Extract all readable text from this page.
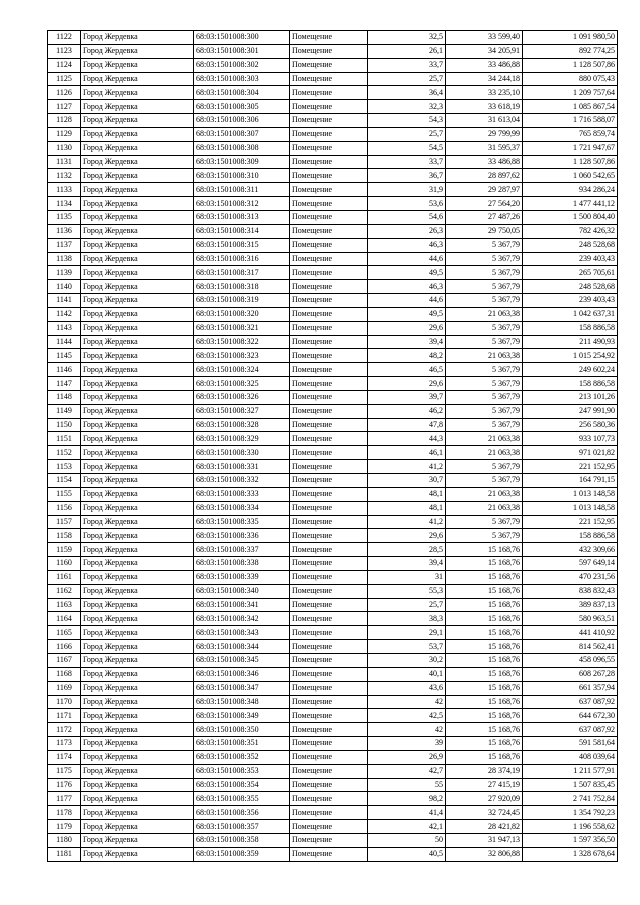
1122	Город Жердевка	68:03:1501008:300	Помещение	32,5	33 599,40	1 091 980,50
1123	Город Жердевка	68:03:1501008:301	Помещение	26,1	34 205,91	892 774,25
1124	Город Жердевка	68:03:1501008:302	Помещение	33,7	33 486,88	1 128 507,86
1125	Город Жердевка	68:03:1501008:303	Помещение	25,7	34 244,18	880 075,43
1126	Город Жердевка	68:03:1501008:304	Помещение	36,4	33 235,10	1 209 757,64
1127	Город Жердевка	68:03:1501008:305	Помещение	32,3	33 618,19	1 085 867,54
1128	Город Жердевка	68:03:1501008:306	Помещение	54,3	31 613,04	1 716 588,07
1129	Город Жердевка	68:03:1501008:307	Помещение	25,7	29 799,99	765 859,74
1130	Город Жердевка	68:03:1501008:308	Помещение	54,5	31 595,37	1 721 947,67
1131	Город Жердевка	68:03:1501008:309	Помещение	33,7	33 486,88	1 128 507,86
1132	Город Жердевка	68:03:1501008:310	Помещение	36,7	28 897,62	1 060 542,65
1133	Город Жердевка	68:03:1501008:311	Помещение	31,9	29 287,97	934 286,24
1134	Город Жердевка	68:03:1501008:312	Помещение	53,6	27 564,20	1 477 441,12
1135	Город Жердевка	68:03:1501008:313	Помещение	54,6	27 487,26	1 500 804,40
1136	Город Жердевка	68:03:1501008:314	Помещение	26,3	29 750,05	782 426,32
1137	Город Жердевка	68:03:1501008:315	Помещение	46,3	5 367,79	248 528,68
1138	Город Жердевка	68:03:1501008:316	Помещение	44,6	5 367,79	239 403,43
1139	Город Жердевка	68:03:1501008:317	Помещение	49,5	5 367,79	265 705,61
1140	Город Жердевка	68:03:1501008:318	Помещение	46,3	5 367,79	248 528,68
1141	Город Жердевка	68:03:1501008:319	Помещение	44,6	5 367,79	239 403,43
1142	Город Жердевка	68:03:1501008:320	Помещение	49,5	21 063,38	1 042 637,31
1143	Город Жердевка	68:03:1501008:321	Помещение	29,6	5 367,79	158 886,58
1144	Город Жердевка	68:03:1501008:322	Помещение	39,4	5 367,79	211 490,93
1145	Город Жердевка	68:03:1501008:323	Помещение	48,2	21 063,38	1 015 254,92
1146	Город Жердевка	68:03:1501008:324	Помещение	46,5	5 367,79	249 602,24
1147	Город Жердевка	68:03:1501008:325	Помещение	29,6	5 367,79	158 886,58
1148	Город Жердевка	68:03:1501008:326	Помещение	39,7	5 367,79	213 101,26
1149	Город Жердевка	68:03:1501008:327	Помещение	46,2	5 367,79	247 991,90
1150	Город Жердевка	68:03:1501008:328	Помещение	47,8	5 367,79	256 580,36
1151	Город Жердевка	68:03:1501008:329	Помещение	44,3	21 063,38	933 107,73
1152	Город Жердевка	68:03:1501008:330	Помещение	46,1	21 063,38	971 021,82
1153	Город Жердевка	68:03:1501008:331	Помещение	41,2	5 367,79	221 152,95
1154	Город Жердевка	68:03:1501008:332	Помещение	30,7	5 367,79	164 791,15
1155	Город Жердевка	68:03:1501008:333	Помещение	48,1	21 063,38	1 013 148,58
1156	Город Жердевка	68:03:1501008:334	Помещение	48,1	21 063,38	1 013 148,58
1157	Город Жердевка	68:03:1501008:335	Помещение	41,2	5 367,79	221 152,95
1158	Город Жердевка	68:03:1501008:336	Помещение	29,6	5 367,79	158 886,58
1159	Город Жердевка	68:03:1501008:337	Помещение	28,5	15 168,76	432 309,66
1160	Город Жердевка	68:03:1501008:338	Помещение	39,4	15 168,76	597 649,14
1161	Город Жердевка	68:03:1501008:339	Помещение	31	15 168,76	470 231,56
1162	Город Жердевка	68:03:1501008:340	Помещение	55,3	15 168,76	838 832,43
1163	Город Жердевка	68:03:1501008:341	Помещение	25,7	15 168,76	389 837,13
1164	Город Жердевка	68:03:1501008:342	Помещение	38,3	15 168,76	580 963,51
1165	Город Жердевка	68:03:1501008:343	Помещение	29,1	15 168,76	441 410,92
1166	Город Жердевка	68:03:1501008:344	Помещение	53,7	15 168,76	814 562,41
1167	Город Жердевка	68:03:1501008:345	Помещение	30,2	15 168,76	458 096,55
1168	Город Жердевка	68:03:1501008:346	Помещение	40,1	15 168,76	608 267,28
1169	Город Жердевка	68:03:1501008:347	Помещение	43,6	15 168,76	661 357,94
1170	Город Жердевка	68:03:1501008:348	Помещение	42	15 168,76	637 087,92
1171	Город Жердевка	68:03:1501008:349	Помещение	42,5	15 168,76	644 672,30
1172	Город Жердевка	68:03:1501008:350	Помещение	42	15 168,76	637 087,92
1173	Город Жердевка	68:03:1501008:351	Помещение	39	15 168,76	591 581,64
1174	Город Жердевка	68:03:1501008:352	Помещение	26,9	15 168,76	408 039,64
1175	Город Жердевка	68:03:1501008:353	Помещение	42,7	28 374,19	1 211 577,91
1176	Город Жердевка	68:03:1501008:354	Помещение	55	27 415,19	1 507 835,45
1177	Город Жердевка	68:03:1501008:355	Помещение	98,2	27 920,09	2 741 752,84
1178	Город Жердевка	68:03:1501008:356	Помещение	41,4	32 724,45	1 354 792,23
1179	Город Жердевка	68:03:1501008:357	Помещение	42,1	28 421,82	1 196 558,62
1180	Город Жердевка	68:03:1501008:358	Помещение	50	31 947,13	1 597 356,50
1181	Город Жердевка	68:03:1501008:359	Помещение	40,5	32 806,88	1 328 678,64
